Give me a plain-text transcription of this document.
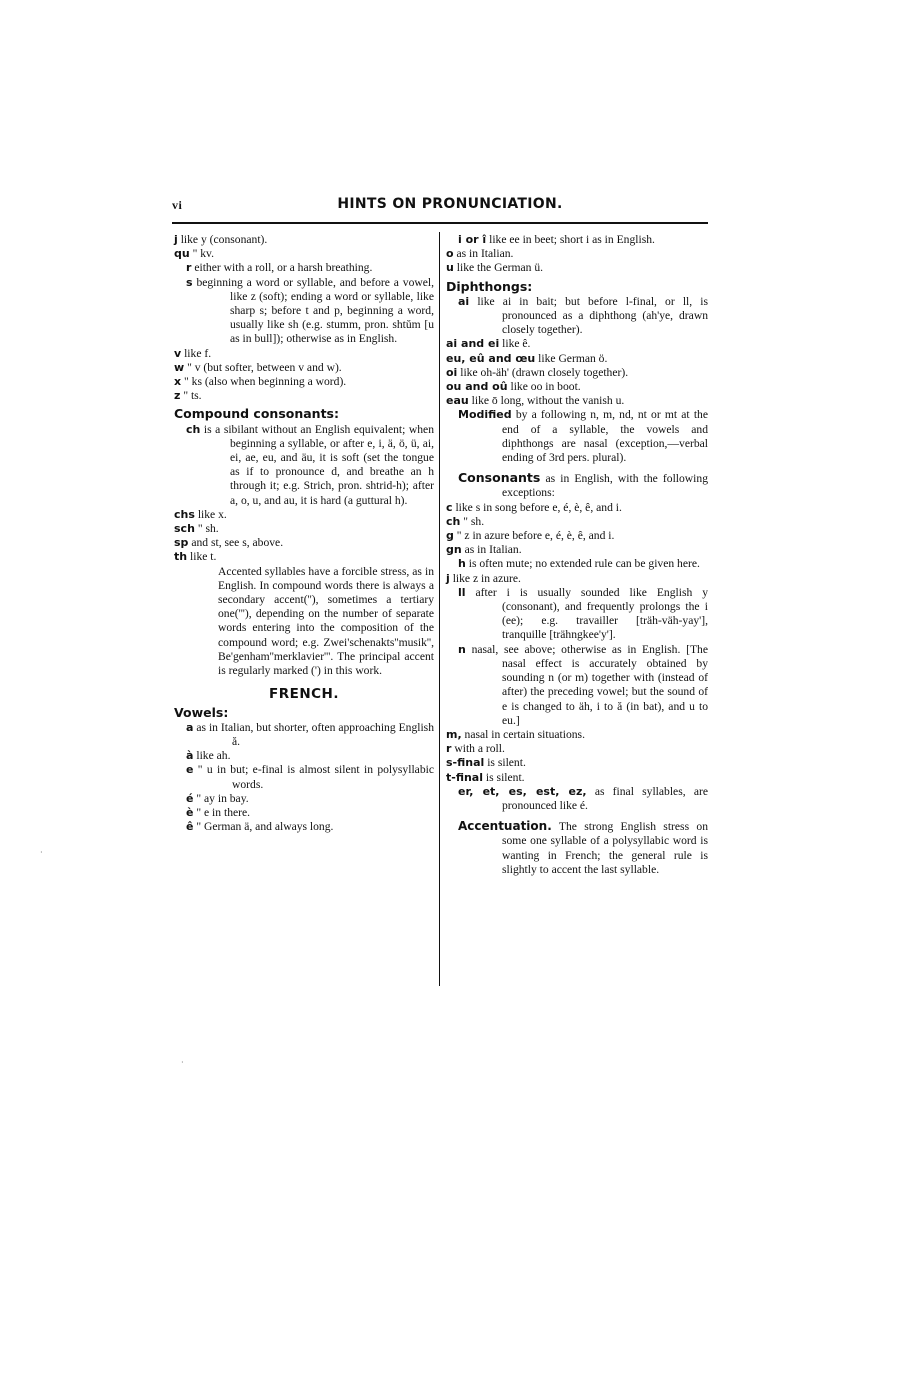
vi	HINTS ON PRONUNCIATION.

j like y (consonant).

qu " kv.

r either with a roll, or a harsh breathing.

s beginning a word or syllable, and before a vowel, like z (soft); ending a word or syllable, like sharp s; before t and p, beginning a word, usually like sh (e.g. stumm, pron. shtŭm [u as in bull]); otherwise as in English.

v like f.

w " v (but softer, between v and w).

x " ks (also when beginning a word).

z " ts.

Compound consonants:

ch is a sibilant without an English equivalent; when beginning a syllable, or after e, i, ä, ö, ü, ai, ei, ae, eu, and äu, it is soft (set the tongue as if to pronounce d, and breathe an h through it; e.g. Strich, pron. shtrid-h); after a, o, u, and au, it is hard (a guttural h).

chs like x.

sch " sh.

sp and st, see s, above.

th like t.

Accented syllables have a forcible stress, as in English. In compound words there is always a secondary accent(''), sometimes a tertiary one('''), depending on the number of separate words entering into the composition of the compound word; e.g. Zwei'schenakts''musik'', Be'genham''merklavier'''. The principal accent is regularly marked (') in this work.

FRENCH.

Vowels:

a as in Italian, but shorter, often approaching English ă.

à like ah.

e " u in but; e-final is almost silent in polysyllabic words.

é " ay in bay.

è " e in there.

ê " German ä, and always long.

i or î like ee in beet; short i as in English.

o as in Italian.

u like the German ü.

Diphthongs:

ai like ai in bait; but before l-final, or ll, is pronounced as a diphthong (ah'ye, drawn closely together).

ai and ei like ê.

eu, eû and œu like German ö.

oi like oh-äh' (drawn closely together).

ou and oû like oo in boot.

eau like ō long, without the vanish u.

Modified by a following n, m, nd, nt or mt at the end of a syllable, the vowels and diphthongs are nasal (exception,—verbal ending of 3rd pers. plural).

Consonants as in English, with the following exceptions:

c like s in song before e, é, è, ê, and i.

ch " sh.

g " z in azure before e, é, è, ê, and i.

gn as in Italian.

h is often mute; no extended rule can be given here.

j like z in azure.

ll after i is usually sounded like English y (consonant), and frequently prolongs the i (ee); e.g. travailler [träh-väh-yay'], tranquille [trähngkee'y'].

n nasal, see above; otherwise as in English. [The nasal effect is accurately obtained by sounding n (or m) together with (instead of after) the preceding vowel; but the sound of e is changed to äh, i to ă (in bat), and u to eu.]

m, nasal in certain situations.

r with a roll.

s-final is silent.

t-final is silent.

er, et, es, est, ez, as final syllables, are pronounced like é.

Accentuation. The strong English stress on some one syllable of a polysyllabic word is wanting in French; the general rule is slightly to accent the last syllable.

·
·
